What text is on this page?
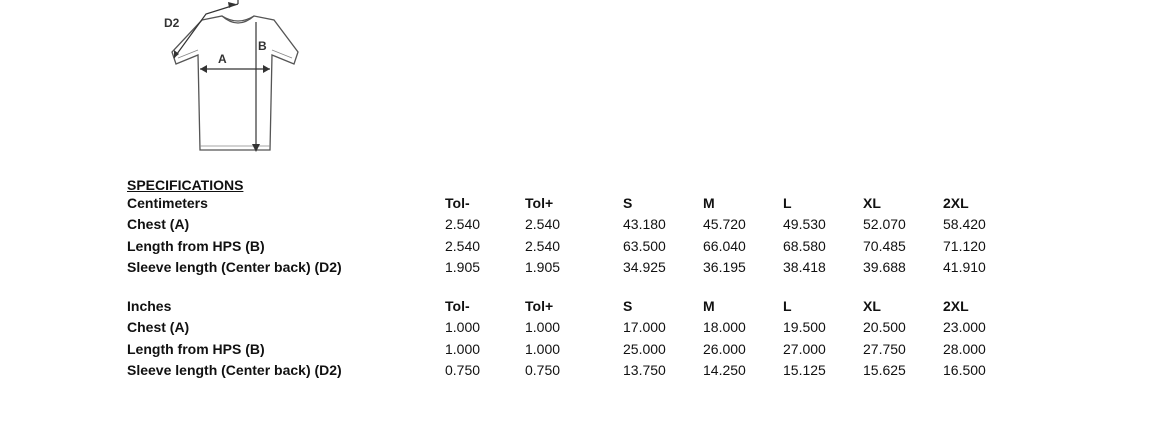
D2
A
B

SPECIFICATIONS

Centimeters	Tol-	Tol+	S	M	L	XL	2XL
Chest (A)	2.540	2.540	43.180	45.720	49.530	52.070	58.420
Length from HPS (B)	2.540	2.540	63.500	66.040	68.580	70.485	71.120
Sleeve length (Center back) (D2)	1.905	1.905	34.925	36.195	38.418	39.688	41.910
Inches	Tol-	Tol+	S	M	L	XL	2XL
Chest (A)	1.000	1.000	17.000	18.000	19.500	20.500	23.000
Length from HPS (B)	1.000	1.000	25.000	26.000	27.000	27.750	28.000
Sleeve length (Center back) (D2)	0.750	0.750	13.750	14.250	15.125	15.625	16.500
